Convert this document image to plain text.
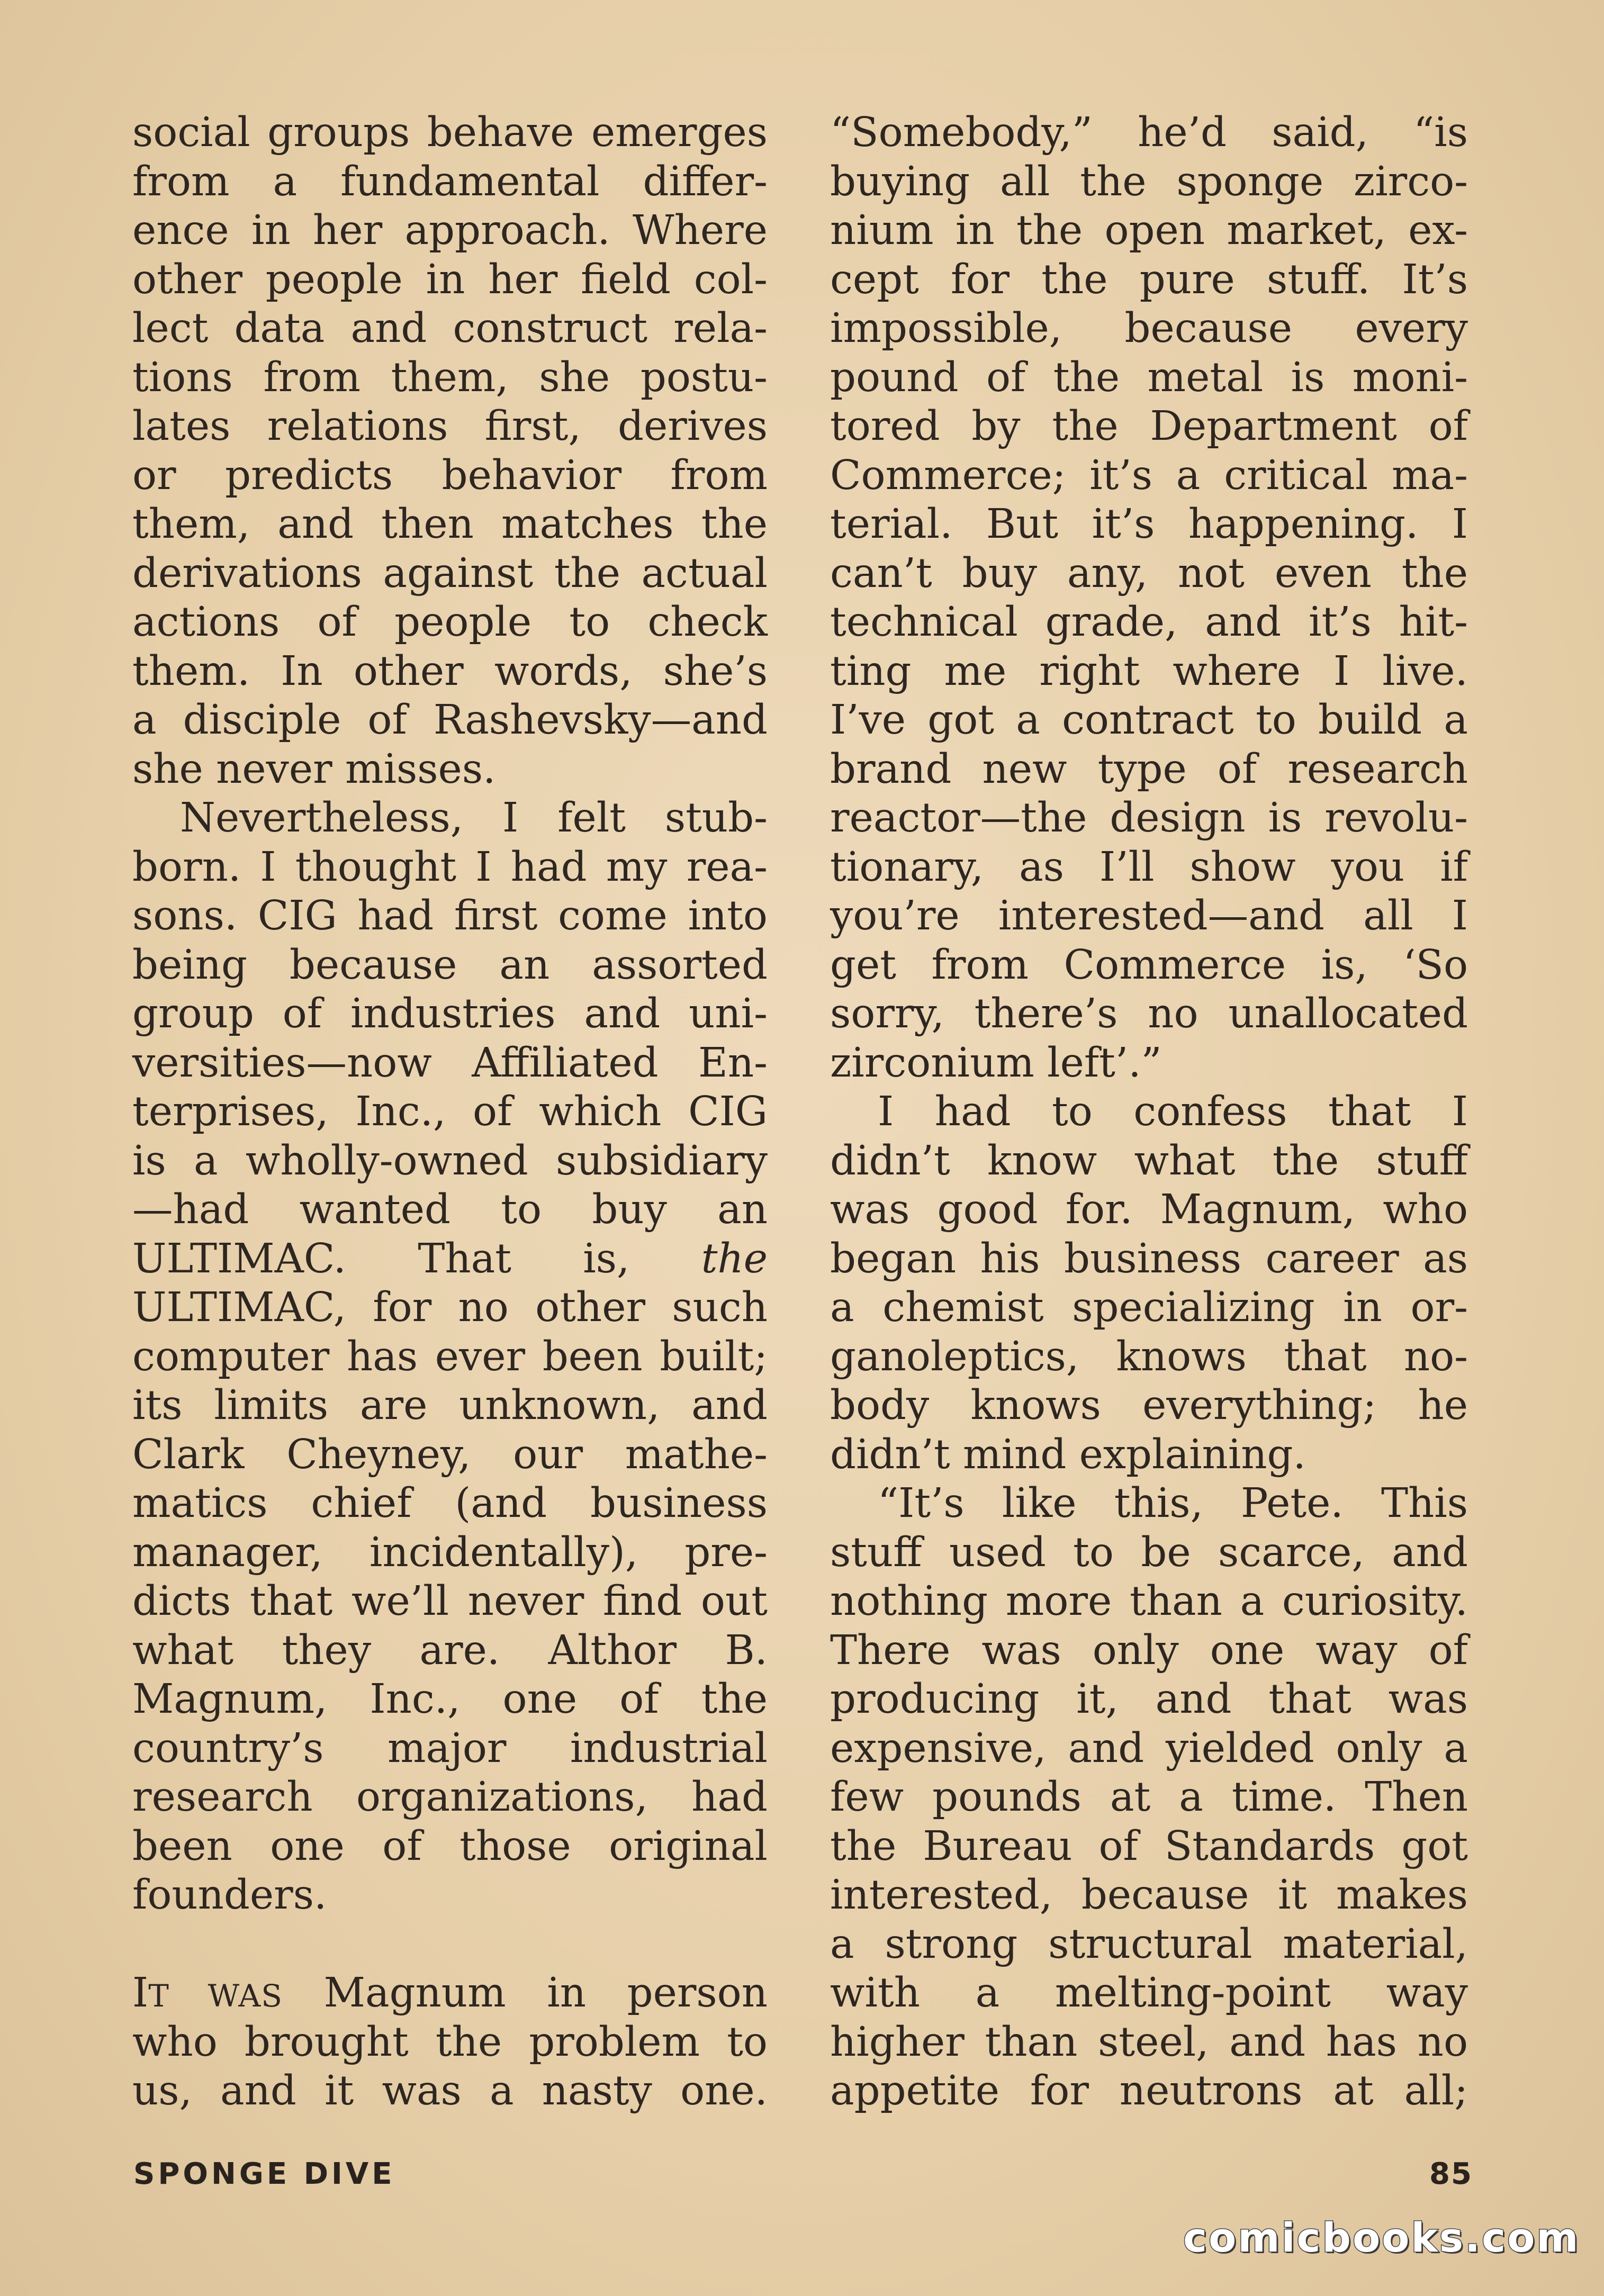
social groups behave emerges
from a fundamental differ-
ence in her approach. Where
other people in her field col-
lect data and construct rela-
tions from them, she postu-
lates relations first, derives
or predicts behavior from
them, and then matches the
derivations against the actual
actions of people to check
them. In other words, she’s
a disciple of Rashevsky—and
she never misses.
Nevertheless, I felt stub-
born. I thought I had my rea-
sons. CIG had first come into
being because an assorted
group of industries and uni-
versities—now Affiliated En-
terprises, Inc., of which CIG
is a wholly-owned subsidiary
—had wanted to buy an
ULTIMAC. That is, the
ULTIMAC, for no other such
computer has ever been built;
its limits are unknown, and
Clark Cheyney, our mathe-
matics chief (and business
manager, incidentally), pre-
dicts that we’ll never find out
what they are. Althor B.
Magnum, Inc., one of the
country’s major industrial
research organizations, had
been one of those original
founders.
IT WAS Magnum in person
who brought the problem to
us, and it was a nasty one.
“Somebody,” he’d said, “is
buying all the sponge zirco-
nium in the open market, ex-
cept for the pure stuff. It’s
impossible, because every
pound of the metal is moni-
tored by the Department of
Commerce; it’s a critical ma-
terial. But it’s happening. I
can’t buy any, not even the
technical grade, and it’s hit-
ting me right where I live.
I’ve got a contract to build a
brand new type of research
reactor—the design is revolu-
tionary, as I’ll show you if
you’re interested—and all I
get from Commerce is, ‘So
sorry, there’s no unallocated
zirconium left’.”
I had to confess that I
didn’t know what the stuff
was good for. Magnum, who
began his business career as
a chemist specializing in or-
ganoleptics, knows that no-
body knows everything; he
didn’t mind explaining.
“It’s like this, Pete. This
stuff used to be scarce, and
nothing more than a curiosity.
There was only one way of
producing it, and that was
expensive, and yielded only a
few pounds at a time. Then
the Bureau of Standards got
interested, because it makes
a strong structural material,
with a melting-point way
higher than steel, and has no
appetite for neutrons at all;
SPONGE DIVE	85
comicbooks.com
